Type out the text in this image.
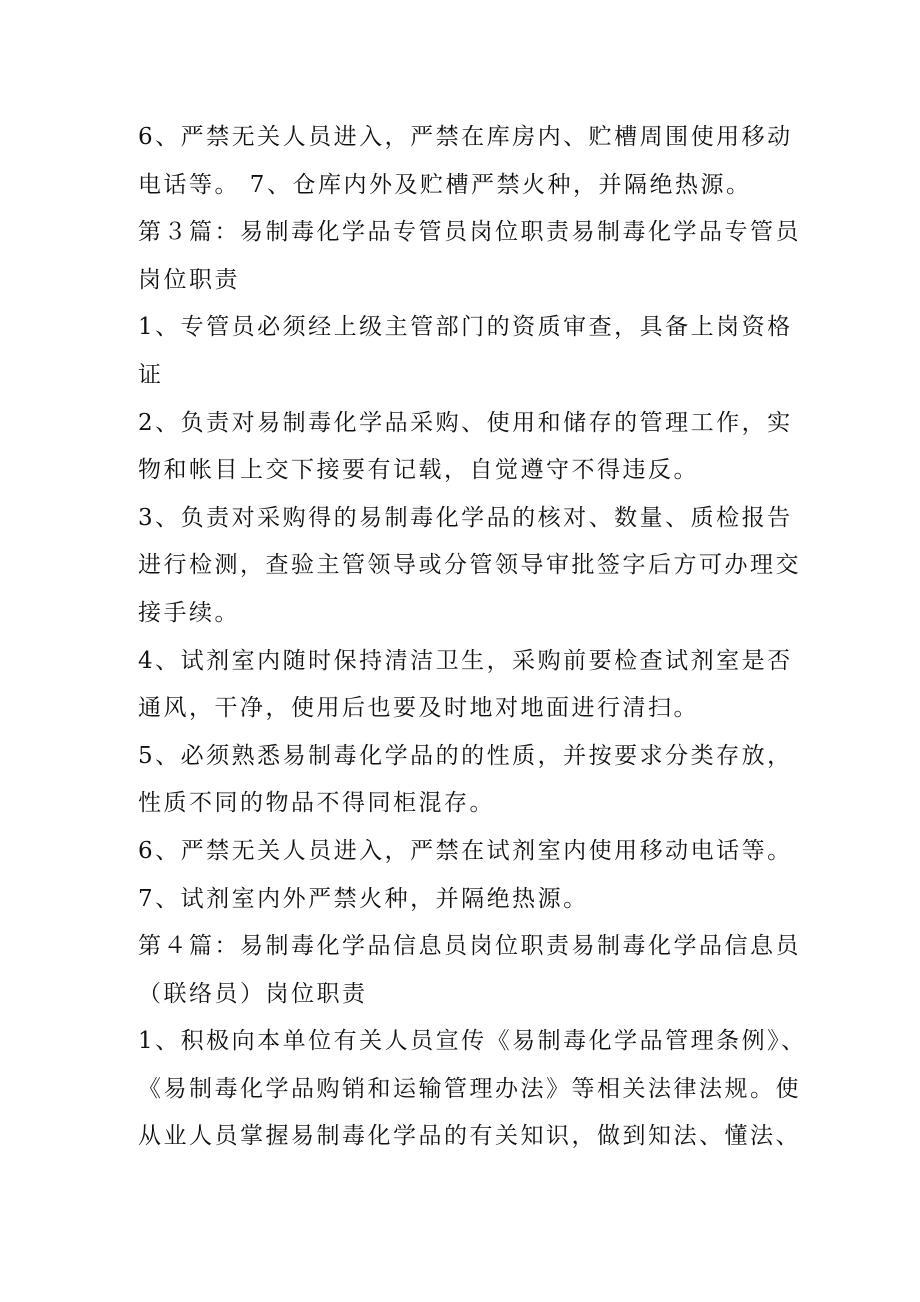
6、严禁无关人员进入，严禁在库房内、贮槽周围使用移动
电话等。 7、仓库内外及贮槽严禁火种，并隔绝热源。
第３篇：易制毒化学品专管员岗位职责易制毒化学品专管员
岗位职责
1、专管员必须经上级主管部门的资质审查，具备上岗资格
证
2、负责对易制毒化学品采购、使用和储存的管理工作，实
物和帐目上交下接要有记载，自觉遵守不得违反。
3、负责对采购得的易制毒化学品的核对、数量、质检报告
进行检测，查验主管领导或分管领导审批签字后方可办理交
接手续。
4、试剂室内随时保持清洁卫生，采购前要检查试剂室是否
通风，干净，使用后也要及时地对地面进行清扫。
5、必须熟悉易制毒化学品的的性质，并按要求分类存放，
性质不同的物品不得同柜混存。
6、严禁无关人员进入，严禁在试剂室内使用移动电话等。
7、试剂室内外严禁火种，并隔绝热源。
第４篇：易制毒化学品信息员岗位职责易制毒化学品信息员
（联络员）岗位职责
1、积极向本单位有关人员宣传《易制毒化学品管理条例》、
《易制毒化学品购销和运输管理办法》等相关法律法规。使
从业人员掌握易制毒化学品的有关知识，做到知法、懂法、
